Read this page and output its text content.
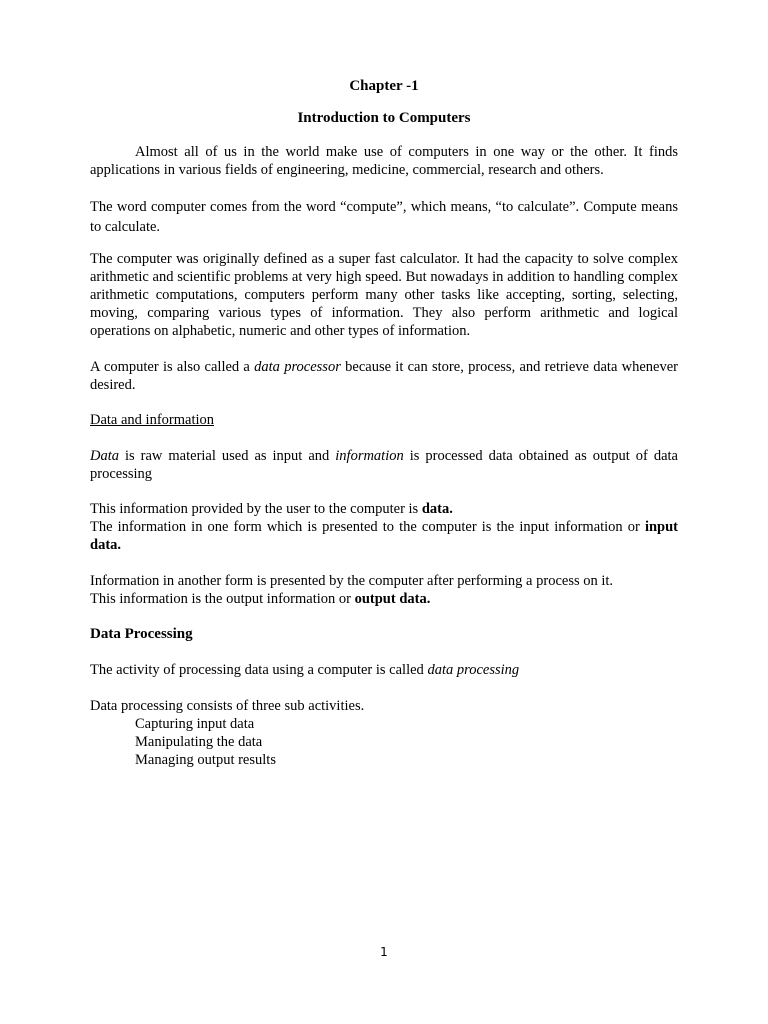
Chapter -1
Introduction to Computers
Almost all of us in the world make use of computers in one way or the other. It finds applications in various fields of engineering, medicine, commercial, research and others.
The word computer comes from the word “compute”, which means, “to calculate”. Compute means to calculate.
The computer was originally defined as a super fast calculator. It had the capacity to solve complex arithmetic and scientific problems at very high speed. But nowadays in addition to handling complex arithmetic computations, computers perform many other tasks like accepting, sorting, selecting, moving, comparing various types of information. They also perform arithmetic and logical operations on alphabetic, numeric and other types of information.
A computer is also called a data processor because it can store, process, and retrieve data whenever desired.
Data and information
Data is raw material used as input and information is processed data obtained as output of data processing
This information provided by the user to the computer is data.
The information in one form which is presented to the computer is the input information or input data.
Information in another form is presented by the computer after performing a process on it.
This information is the output information or output data.
Data Processing
The activity of processing data using a computer is called data processing
Data processing consists of three sub activities.
Capturing input data
Manipulating the data
Managing output results
1
